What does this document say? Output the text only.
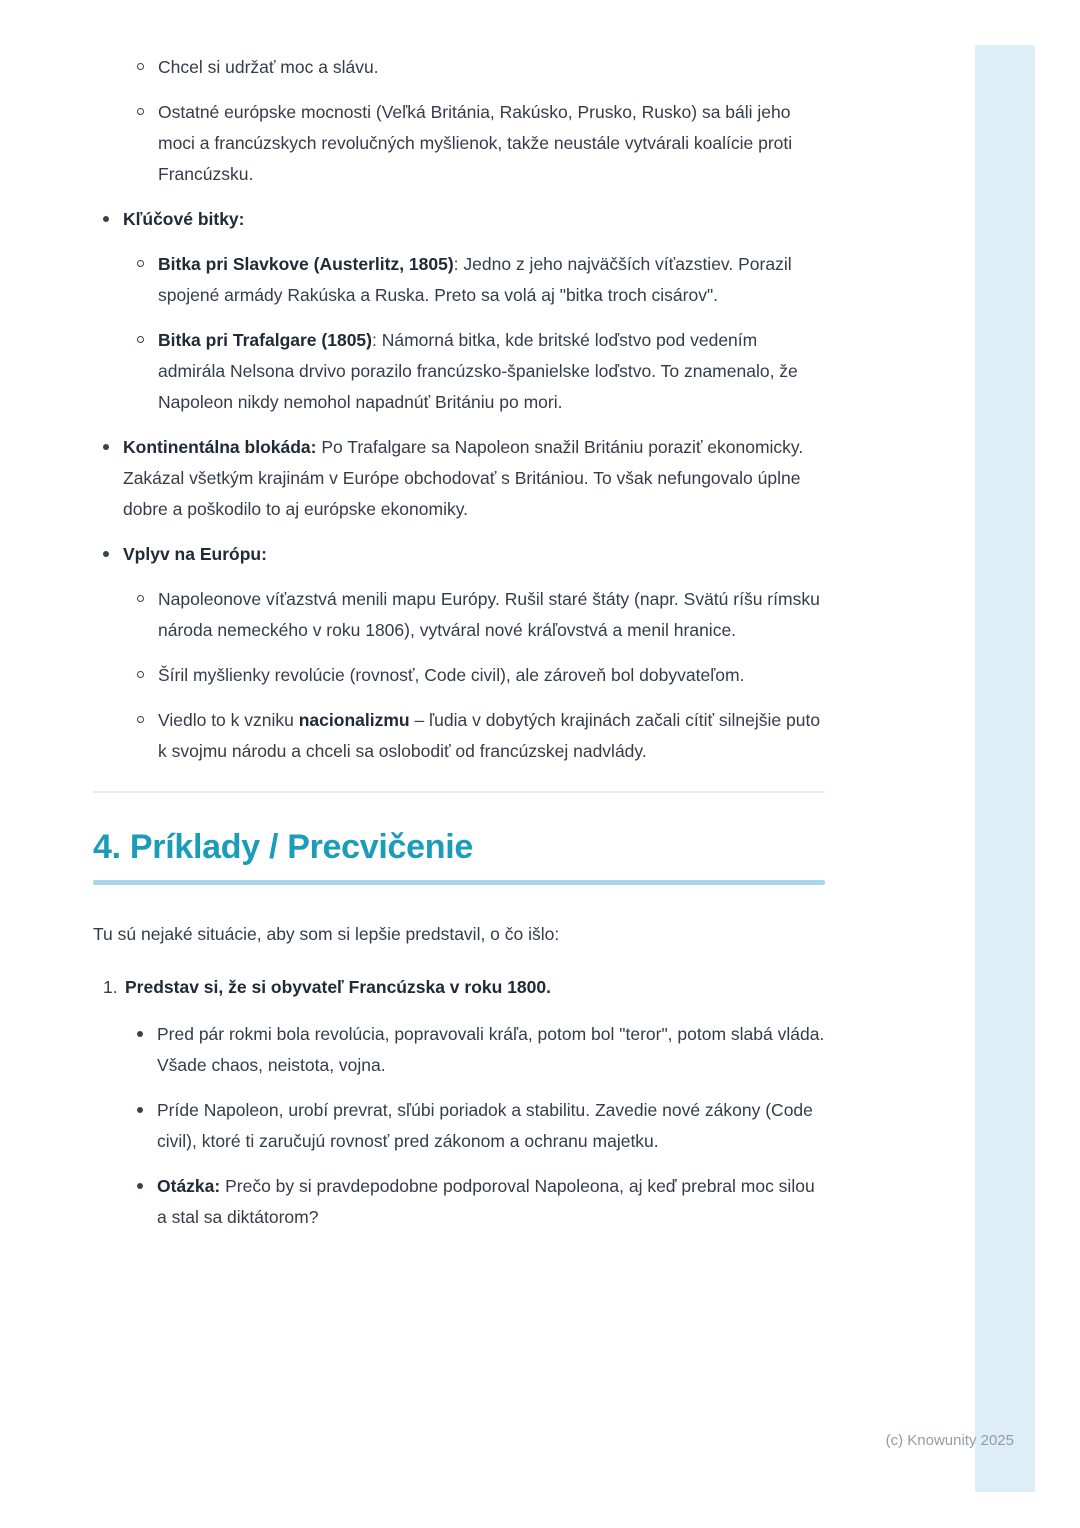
Chcel si udržať moc a slávu.
Ostatné európske mocnosti (Veľká Británia, Rakúsko, Prusko, Rusko) sa báli jeho moci a francúzskych revolučných myšlienok, takže neustále vytvárali koalície proti Francúzsku.
Kľúčové bitky:
Bitka pri Slavkove (Austerlitz, 1805): Jedno z jeho najväčších víťazstiev. Porazil spojené armády Rakúska a Ruska. Preto sa volá aj "bitka troch cisárov".
Bitka pri Trafalgare (1805): Námorná bitka, kde britské loďstvo pod vedením admirála Nelsona drvivo porazilo francúzsko-španielske loďstvo. To znamenalo, že Napoleon nikdy nemohol napadnúť Britániu po mori.
Kontinentálna blokáda: Po Trafalgare sa Napoleon snažil Britániu poraziť ekonomicky. Zakázal všetkým krajinám v Európe obchodovať s Britániou. To však nefungovalo úplne dobre a poškodilo to aj európske ekonomiky.
Vplyv na Európu:
Napoleonove víťazstvá menili mapu Európy. Rušil staré štáty (napr. Svätú ríšu rímsku národa nemeckého v roku 1806), vytváral nové kráľovstvá a menil hranice.
Šíril myšlienky revolúcie (rovnosť, Code civil), ale zároveň bol dobyvateľom.
Viedlo to k vzniku nacionalizmu – ľudia v dobytých krajinách začali cítiť silnejšie puto k svojmu národu a chceli sa oslobodiť od francúzskej nadvlády.
4. Príklady / Precvičenie

Tu sú nejaké situácie, aby som si lepšie predstavil, o čo išlo:

1. Predstav si, že si obyvateľ Francúzska v roku 1800.
Pred pár rokmi bola revolúcia, popravovali kráľa, potom bol "teror", potom slabá vláda. Všade chaos, neistota, vojna.
Príde Napoleon, urobí prevrat, sľúbi poriadok a stabilitu. Zavedie nové zákony (Code civil), ktoré ti zaručujú rovnosť pred zákonom a ochranu majetku.
Otázka: Prečo by si pravdepodobne podporoval Napoleona, aj keď prebral moc silou a stal sa diktátorom?
(c) Knowunity 2025
